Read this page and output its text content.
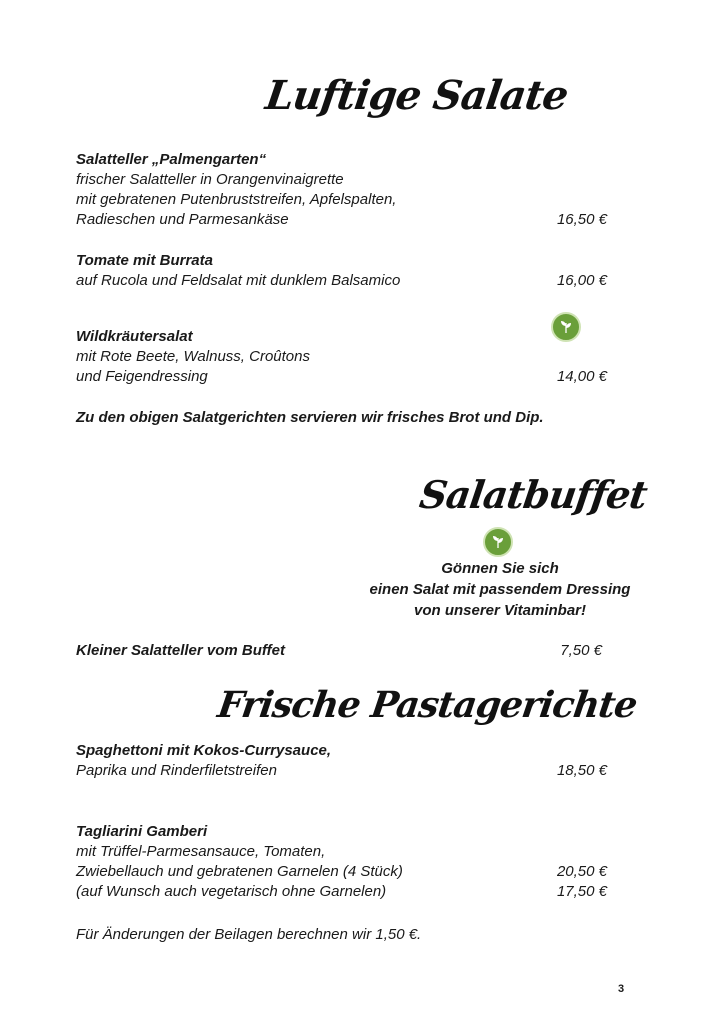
Luftige Salate
Salatteller „Palmengarten“
frischer Salatteller in Orangenvinaigrette
mit gebratenen Putenbruststreifen, Apfelspalten,
Radieschen und Parmesankäse	16,50 €
Tomate mit Burrata
auf Rucola und Feldsalat mit dunklem Balsamico	16,00 €
Wildkräutersalat
mit Rote Beete, Walnuss, Croûtons
und Feigendressing	14,00 €
Zu den obigen Salatgerichten servieren wir frisches Brot und Dip.
Salatbuffet
Gönnen Sie sich
einen Salat mit passendem Dressing
von unserer Vitaminbar!
Kleiner Salatteller vom Buffet	7,50 €
Frische Pastagerichte
Spaghettoni mit Kokos-Currysauce,
Paprika und Rinderfiletstreifen	18,50 €
Tagliarini Gamberi
mit Trüffel-Parmesansauce, Tomaten,
Zwiebellauch und gebratenen Garnelen (4 Stück)	20,50 €
(auf Wunsch auch vegetarisch ohne Garnelen)	17,50 €
Für Änderungen der Beilagen berechnen wir 1,50 €.
3
